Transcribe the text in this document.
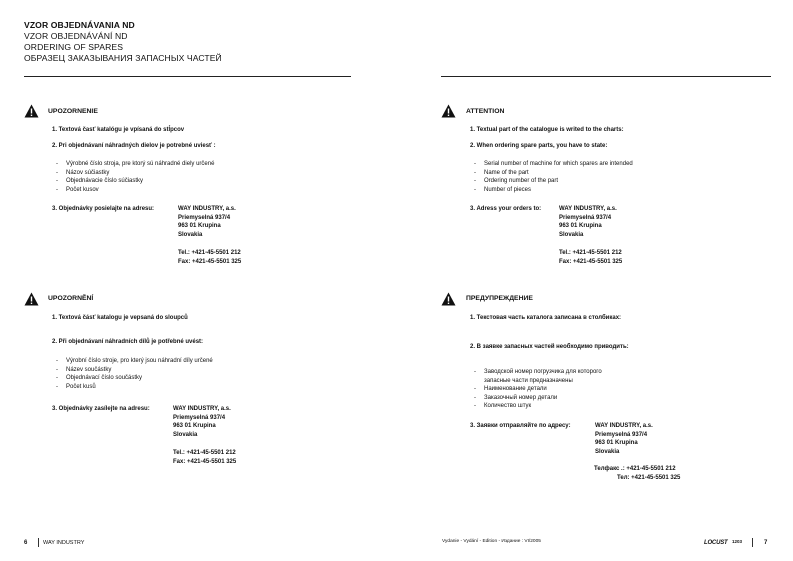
VZOR OBJEDNÁVANIA ND
VZOR OBJEDNÁVÁNÍ ND
ORDERING OF SPARES
ОБРАЗЕЦ ЗАКАЗЫВАНИЯ ЗАПАСНЫХ ЧАСТЕЙ
UPOZORNENIE
1. Textová časť katalógu je vpísaná do stĺpcov
2. Pri objednávaní náhradných dielov je potrebné uviesť :
- Výrobné číslo stroja, pre ktorý sú náhradné diely určené
- Názov súčiastky
- Objednávacie číslo súčiastky
- Počet kusov
3. Objednávky posielajte na adresu:	WAY INDUSTRY, a.s.
Priemyselná 937/4
963 01 Krupina
Slovakia
Tel.: +421-45-5501 212
Fax: +421-45-5501 325
UPOZORNĚNÍ
1. Textová čásť katalogu je vepsaná do sloupců
2. Při objednávaní náhradních dílů je potřebné uvést:
- Výrobní číslo stroje, pro který jsou náhradní díly určené
- Název součástky
- Objednávací číslo součástky
- Počet kusů
3. Objednávky zasílejte na adresu:	WAY INDUSTRY, a.s.
Priemyselná 937/4
963 01 Krupina
Slovakia
Tel.: +421-45-5501 212
Fax: +421-45-5501 325
ATTENTION
1. Textual part of the catalogue is writed to the charts:
2. When ordering spare parts, you have to state:
- Serial number of machine for which spares are intended
- Name of the part
- Ordering number of the part
- Number of pieces
3. Adress your orders to:	WAY INDUSTRY, a.s.
Priemyselná 937/4
963 01 Krupina
Slovakia
Tel.: +421-45-5501 212
Fax: +421-45-5501 325
ПРЕДУПРЕЖДЕНИЕ
1. Текстовая часть каталога записана в столбиках:
2. В заявке запасных частей необходимо приводить:
- Заводской номер погрузчика для которого
запасные части предназначены
- Наименование детали
- Заказочный номер детали
- Количество штук
3. Заявки отправляйте по адресу:	WAY INDUSTRY, a.s.
Priemyselná 937/4
963 01 Krupina
Slovakia
Телфакс .: +421-45-5501 212
Тел: +421-45-5501 325
6	WAY INDUSTRY	Vydanie - Vydání - Edition - Издание : VI/2005	LOCUST 1203	7
